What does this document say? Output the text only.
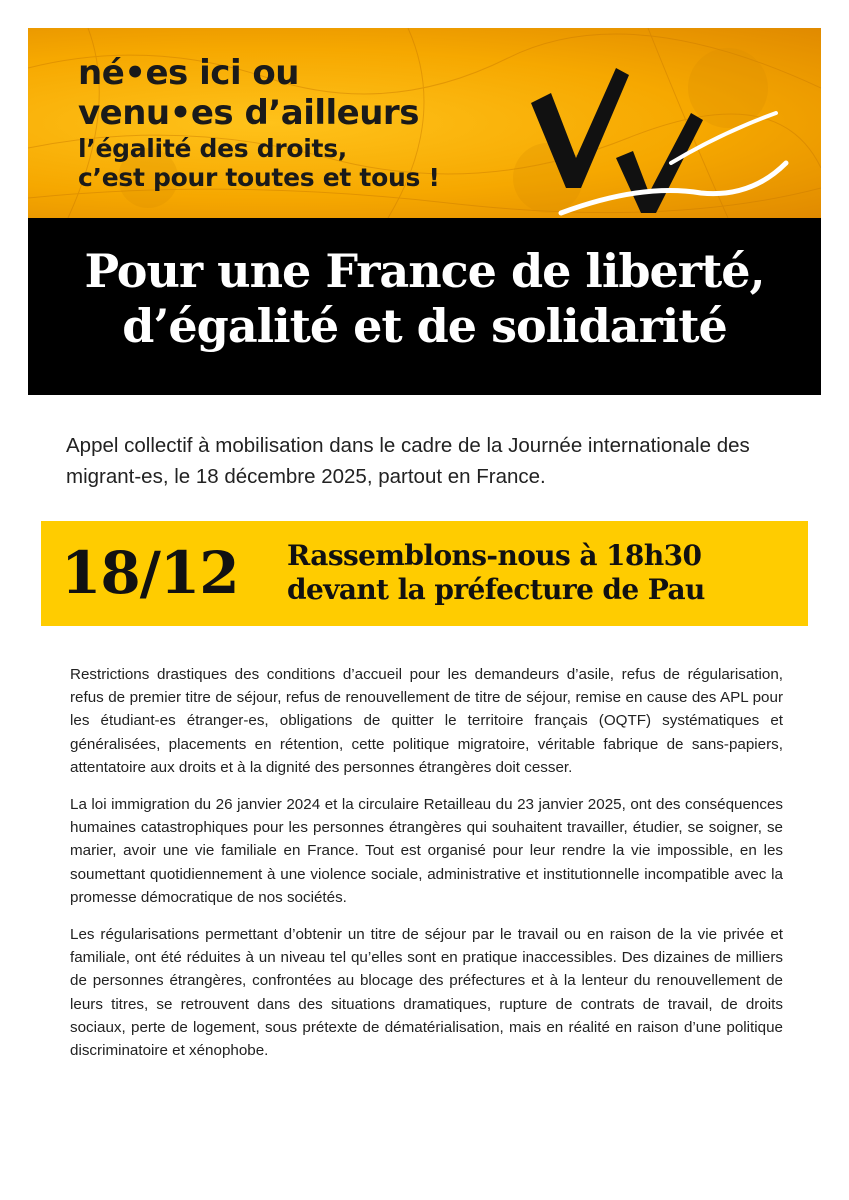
né•es ici ou
venu•es d’ailleurs
l’égalité des droits,
c’est pour toutes et tous !
Pour une France de liberté,
d’égalité et de solidarité
Appel collectif à mobilisation dans le cadre de la Journée internationale des migrant-es, le 18 décembre 2025, partout en France.
18/12 Rassemblons-nous à 18h30
devant la préfecture de Pau

Restrictions drastiques des conditions d’accueil pour les demandeurs d’asile, refus de régularisation, refus de premier titre de séjour, refus de renouvellement de titre de séjour, remise en cause des APL pour les étudiant-es étranger-es, obligations de quitter le territoire français (OQTF) systématiques et généralisées, placements en rétention, cette politique migratoire, véritable fabrique de sans-papiers, attentatoire aux droits et à la dignité des personnes étrangères doit cesser.

La loi immigration du 26 janvier 2024 et la circulaire Retailleau du 23 janvier 2025, ont des conséquences humaines catastrophiques pour les personnes étrangères qui souhaitent travailler, étudier, se soigner, se marier, avoir une vie familiale en France. Tout est organisé pour leur rendre la vie impossible, en les soumettant quotidiennement à une violence sociale, administrative et institutionnelle incompatible avec la promesse démocratique de nos sociétés.

Les régularisations permettant d’obtenir un titre de séjour par le travail ou en raison de la vie privée et familiale, ont été réduites à un niveau tel qu’elles sont en pratique inaccessibles. Des dizaines de milliers de personnes étrangères, confrontées au blocage des préfectures et à la lenteur du renouvellement de leurs titres, se retrouvent dans des situations dramatiques, rupture de contrats de travail, de droits sociaux, perte de logement, sous prétexte de dématérialisation, mais en réalité en raison d’une politique discriminatoire et xénophobe.
